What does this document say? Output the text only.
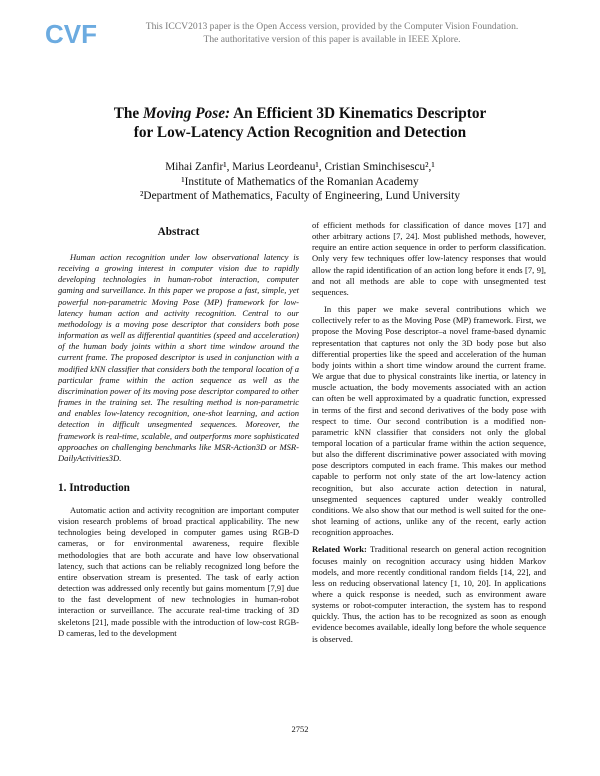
CVF	This ICCV2013 paper is the Open Access version, provided by the Computer Vision Foundation.
The authoritative version of this paper is available in IEEE Xplore.
The Moving Pose: An Efficient 3D Kinematics Descriptor
for Low-Latency Action Recognition and Detection
Mihai Zanfir¹, Marius Leordeanu¹, Cristian Sminchisescu²,¹
¹Institute of Mathematics of the Romanian Academy
²Department of Mathematics, Faculty of Engineering, Lund University
Abstract

Human action recognition under low observational latency is receiving a growing interest in computer vision due to rapidly developing technologies in human-robot interaction, computer gaming and surveillance. In this paper we propose a fast, simple, yet powerful non-parametric Moving Pose (MP) framework for low-latency human action and activity recognition. Central to our methodology is a moving pose descriptor that considers both pose information as well as differential quantities (speed and acceleration) of the human body joints within a short time window around the current frame. The proposed descriptor is used in conjunction with a modified kNN classifier that considers both the temporal location of a particular frame within the action sequence as well as the discrimination power of its moving pose descriptor compared to other frames in the training set. The resulting method is non-parametric and enables low-latency recognition, one-shot learning, and action detection in difficult unsegmented sequences. Moreover, the framework is real-time, scalable, and outperforms more sophisticated approaches on challenging benchmarks like MSR-Action3D or MSR-DailyActivities3D.

1. Introduction

Automatic action and activity recognition are important computer vision research problems of broad practical applicability. The new technologies being developed in computer games using RGB-D cameras, or for environmental awareness, require flexible methodologies that are both accurate and have low observational latency, such that actions can be reliably recognized long before the entire observation stream is presented. The task of early action detection was addressed only recently but gains momentum [7,9] due to the fast development of new technologies in human-robot interaction or surveillance. The accurate real-time tracking of 3D skeletons [21], made possible with the introduction of low-cost RGB-D cameras, led to the development

of efficient methods for classification of dance moves [17] and other arbitrary actions [7, 24]. Most published methods, however, require an entire action sequence in order to perform classification. Only very few techniques offer low-latency responses that would allow the rapid identification of an action long before it ends [7, 9], and not all methods are able to cope with unsegmented test sequences.

In this paper we make several contributions which we collectively refer to as the Moving Pose (MP) framework. First, we propose the Moving Pose descriptor–a novel frame-based dynamic representation that captures not only the 3D body pose but also differential properties like the speed and acceleration of the human body joints within a short time window around the current frame. We argue that due to physical constraints like inertia, or latency in muscle actuation, the body movements associated with an action can often be well approximated by a quadratic function, expressed in terms of the first and second derivatives of the body pose with respect to time. Our second contribution is a modified non-parametric kNN classifier that considers not only the global temporal location of a particular frame within the action sequence, but also the different discriminative power associated with moving pose descriptors computed in each frame. This makes our method capable to perform not only state of the art low-latency action recognition, but also accurate action detection in natural, unsegmented sequences captured under weakly controlled conditions. We also show that our method is well suited for the one-shot learning of actions, unlike any of the recent, early action recognition approaches.

Related Work: Traditional research on general action recognition focuses mainly on recognition accuracy using hidden Markov models, and more recently conditional random fields [14, 22], and less on reducing observational latency [1, 10, 20]. In applications where a quick response is needed, such as environment aware systems or robot-computer interaction, the system has to respond quickly. Thus, the action has to be recognized as soon as enough evidence becomes available, ideally long before the whole sequence is observed.

2752
